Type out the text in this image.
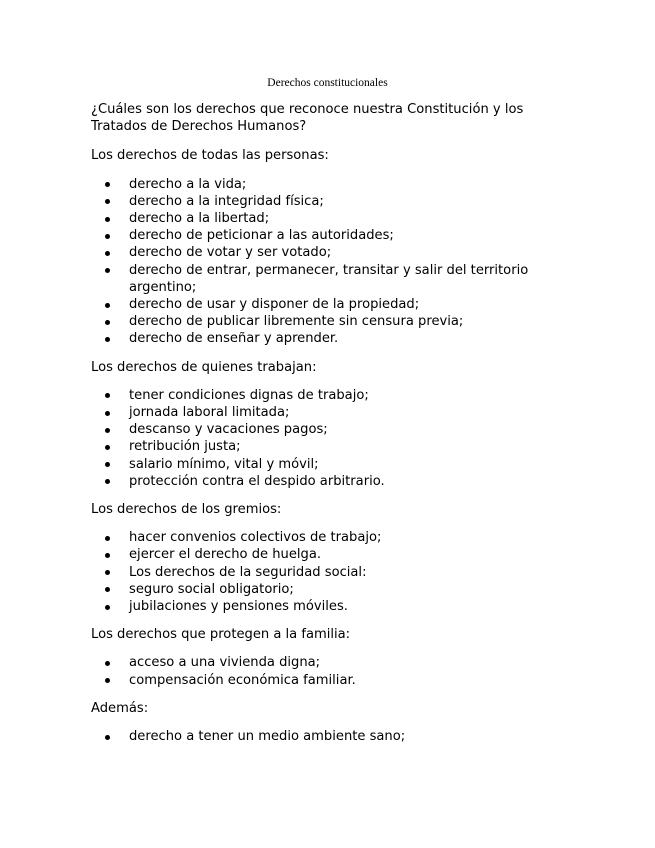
Derechos constitucionales

¿Cuáles son los derechos que reconoce nuestra Constitución y los Tratados de Derechos Humanos?

Los derechos de todas las personas:

derecho a la vida;
derecho a la integridad física;
derecho a la libertad;
derecho de peticionar a las autoridades;
derecho de votar y ser votado;
derecho de entrar, permanecer, transitar y salir del territorio argentino;
derecho de usar y disponer de la propiedad;
derecho de publicar libremente sin censura previa;
derecho de enseñar y aprender.

Los derechos de quienes trabajan:

tener condiciones dignas de trabajo;
jornada laboral limitada;
descanso y vacaciones pagos;
retribución justa;
salario mínimo, vital y móvil;
protección contra el despido arbitrario.

Los derechos de los gremios:

hacer convenios colectivos de trabajo;
ejercer el derecho de huelga.
Los derechos de la seguridad social:
seguro social obligatorio;
jubilaciones y pensiones móviles.

Los derechos que protegen a la familia:

acceso a una vivienda digna;
compensación económica familiar.

Además:

derecho a tener un medio ambiente sano;
